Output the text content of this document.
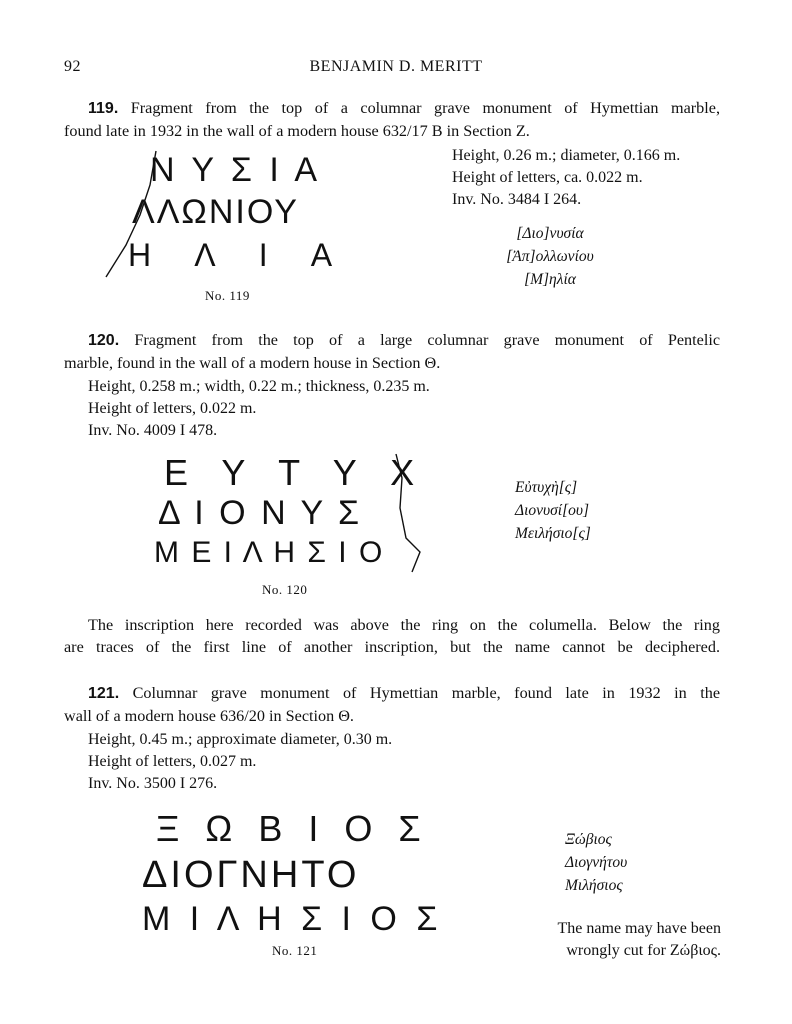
92	BENJAMIN D. MERITT
119. Fragment from the top of a columnar grave monument of Hymettian marble,
found late in 1932 in the wall of a modern house 632/17 B in Section Z.
Height, 0.26 m.; diameter, 0.166 m.
Height of letters, ca. 0.022 m.
Inv. No. 3484 I 264.
Ν Υ Σ Ι Α
ΛΛΩΝΙΟΥ
Η Λ Ι Α
No. 119
[Διο]νυσία
[Ἀπ]ολλωνίου
[Μ]ηλία
120. Fragment from the top of a large columnar grave monument of Pentelic
marble, found in the wall of a modern house in Section Θ.
Height, 0.258 m.; width, 0.22 m.; thickness, 0.235 m.
Height of letters, 0.022 m.
Inv. No. 4009 I 478.
Ε Υ Τ Υ Χ
Δ Ι Ο Ν Υ Σ
Μ Ε Ι Λ Η Σ Ι Ο
No. 120
Εὐτυχὴ[ς]
Διονυσί[ου]
Μειλήσιο[ς]
The inscription here recorded was above the ring on the columella. Below the ring
are traces of the first line of another inscription, but the name cannot be deciphered.
121. Columnar grave monument of Hymettian marble, found late in 1932 in the
wall of a modern house 636/20 in Section Θ.
Height, 0.45 m.; approximate diameter, 0.30 m.
Height of letters, 0.027 m.
Inv. No. 3500 I 276.
Ξ Ω Β Ι Ο Σ
ΔΙΟΓΝΗΤΟ
Μ Ι Λ Η Σ Ι Ο Σ
No. 121
Ξώβιος
Διογνήτου
Μιλήσιος
The name may have been
wrongly cut for Ζώβιος.
